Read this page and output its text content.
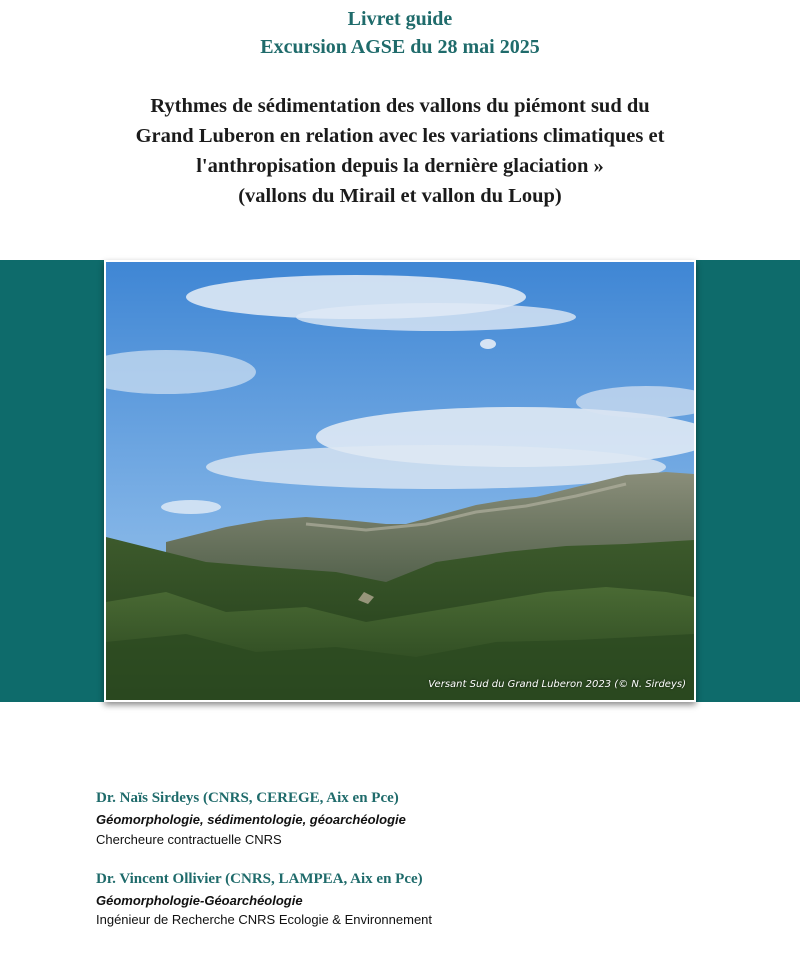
Livret guide
Excursion AGSE du 28 mai 2025
Rythmes de sédimentation des vallons du piémont sud du
Grand Luberon en relation avec les variations climatiques et
l'anthropisation depuis la dernière glaciation »
(vallons du Mirail et vallon du Loup)
Versant Sud du Grand Luberon 2023 (© N. Sirdeys)
Dr. Naïs Sirdeys (CNRS, CEREGE, Aix en Pce)
Géomorphologie, sédimentologie, géoarchéologie
Chercheure contractuelle CNRS
Dr. Vincent Ollivier (CNRS, LAMPEA, Aix en Pce)
Géomorphologie-Géoarchéologie
Ingénieur de Recherche CNRS Ecologie & Environnement
